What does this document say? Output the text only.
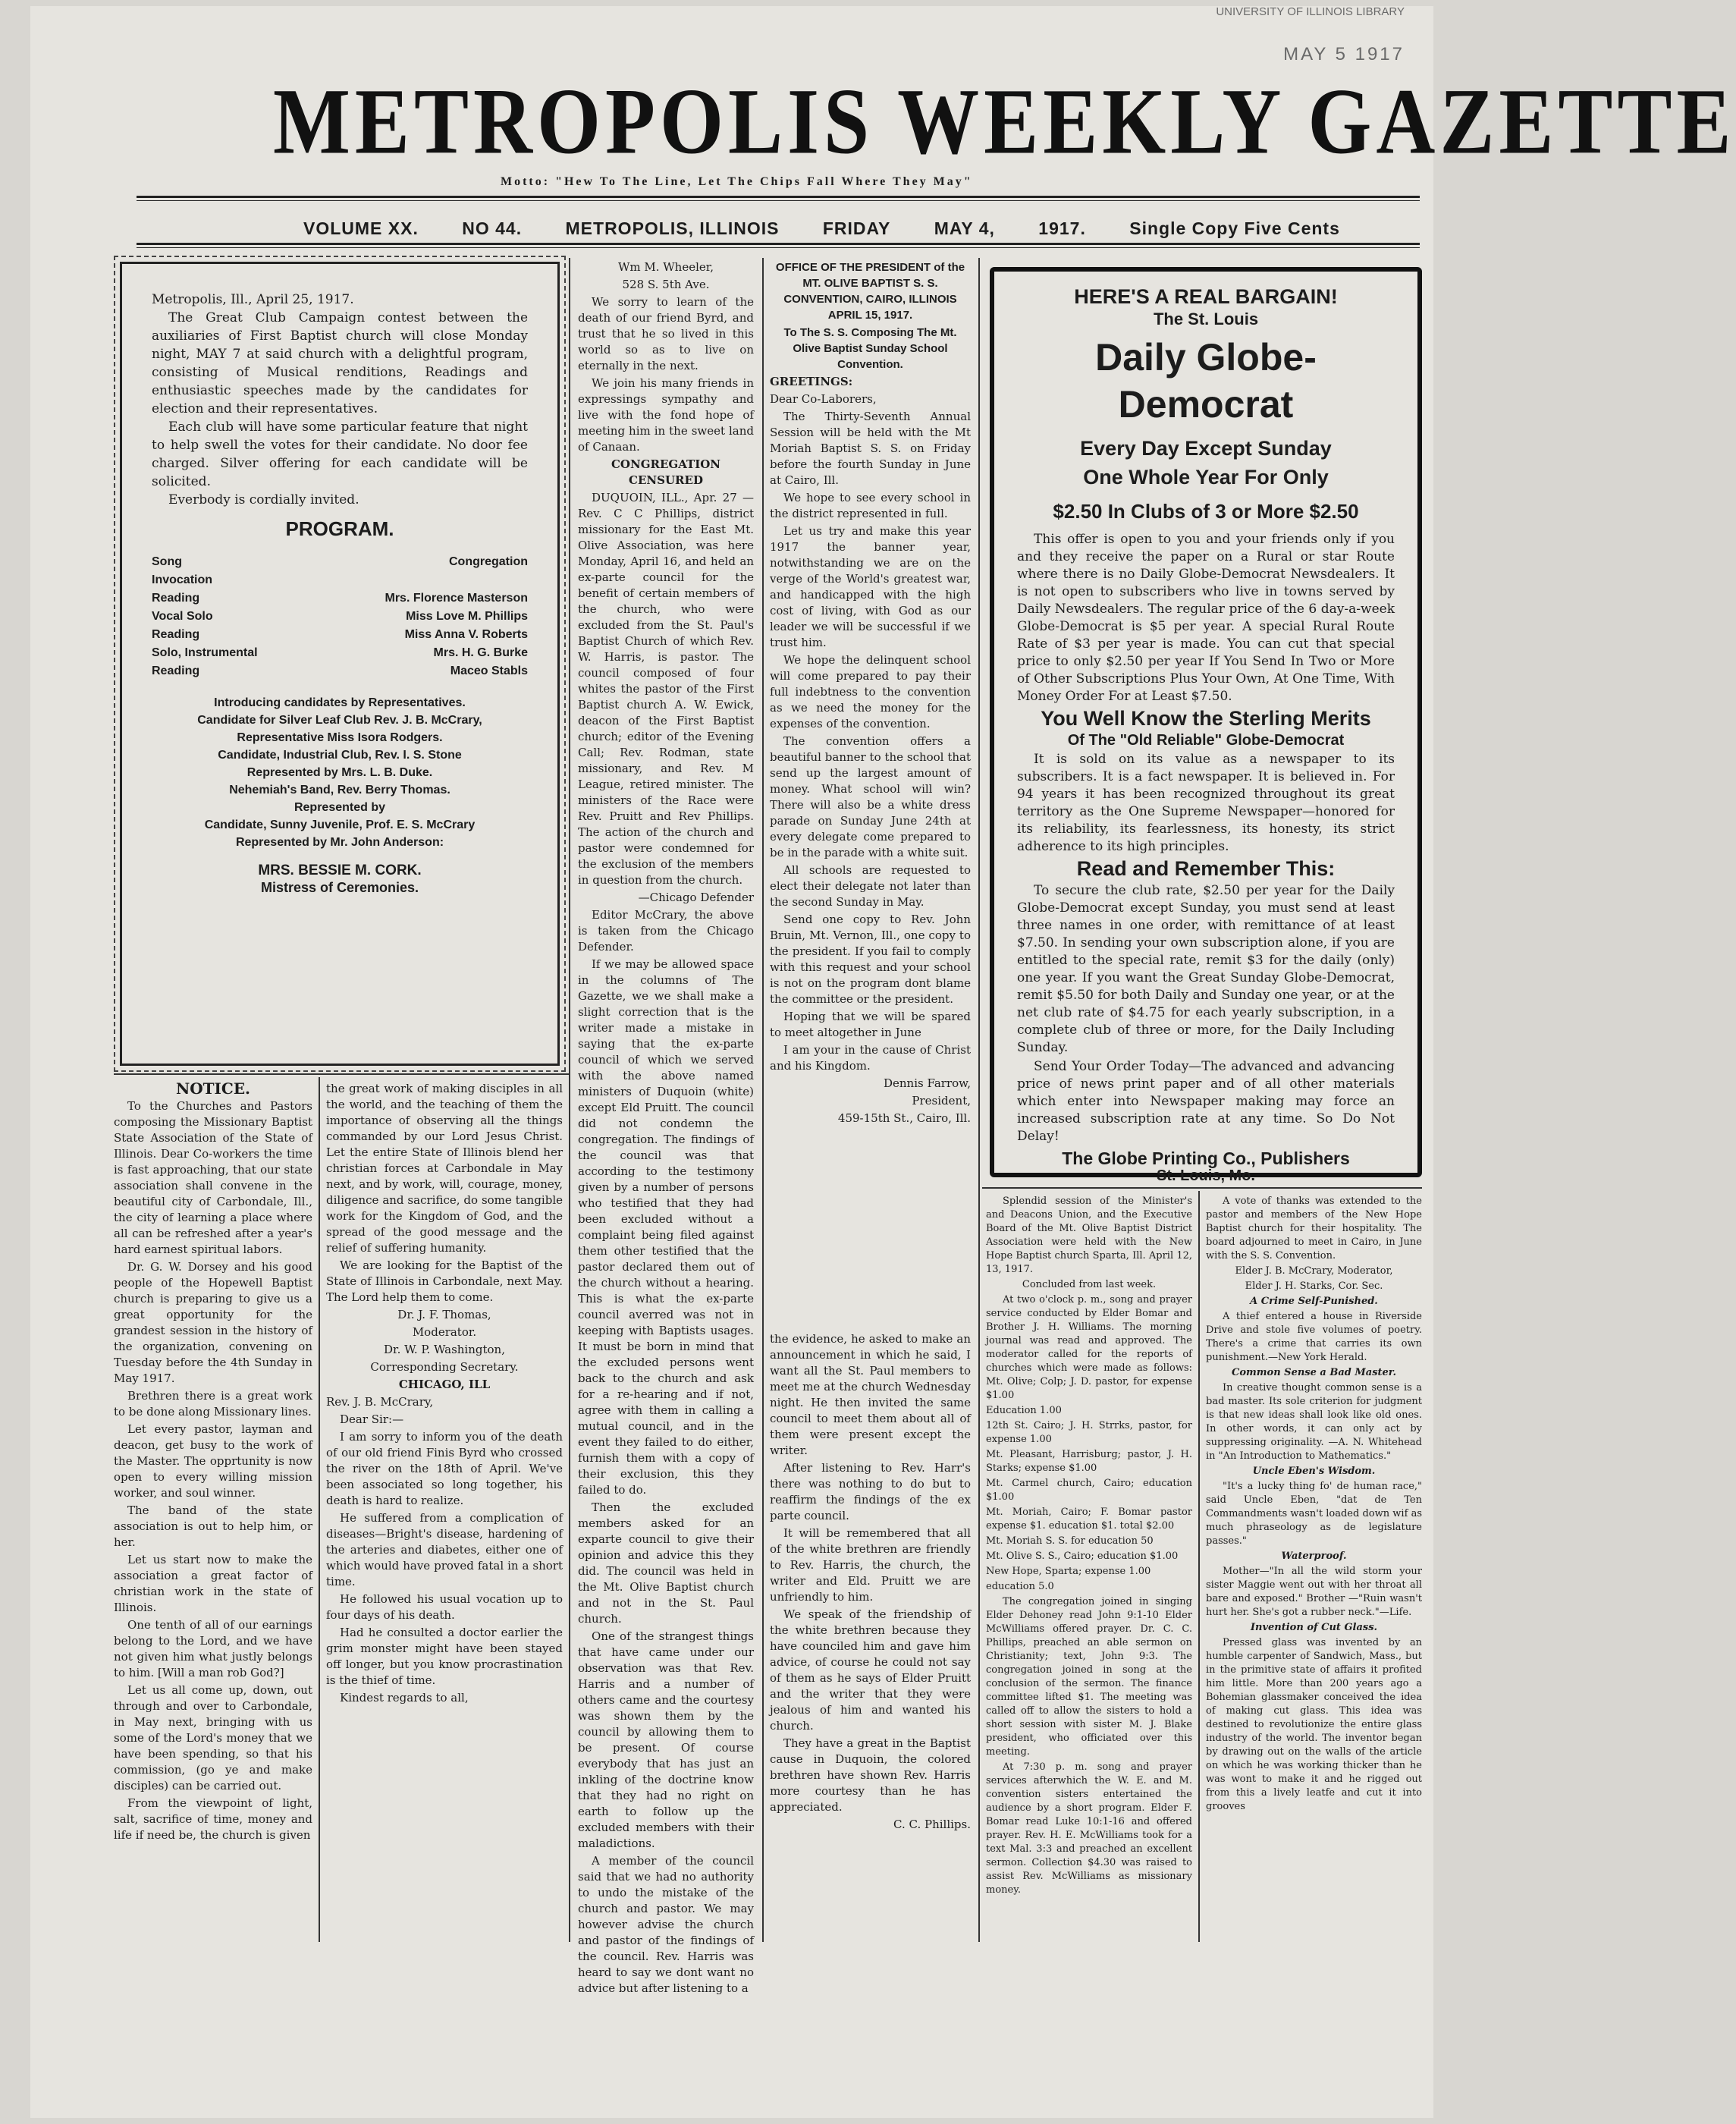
UNIVERSITY OF ILLINOIS LIBRARY
MAY 5 1917
METROPOLIS WEEKLY GAZETTE
Motto: "Hew To The Line, Let The Chips Fall Where They May"
VOLUME XX. NO 44. METROPOLIS, ILLINOIS FRIDAY MAY 4, 1917. Single Copy Five Cents

Metropolis, Ill., April 25, 1917.

The Great Club Campaign contest between the auxiliaries of First Baptist church will close Monday night, MAY 7 at said church with a delightful program, consisting of Musical renditions, Readings and enthusiastic speeches made by the candidates for election and their representatives.

Each club will have some particular feature that night to help swell the votes for their candidate. No door fee charged. Silver offering for each candidate will be solicited.

Everbody is cordially invited.

PROGRAM.
Song	Congregation
Invocation
Reading	Mrs. Florence Masterson
Vocal Solo	Miss Love M. Phillips
Reading	Miss Anna V. Roberts
Solo, Instrumental	Mrs. H. G. Burke
Reading	Maceo Stabls
Introducing candidates by Representatives.
Candidate for Silver Leaf Club Rev. J. B. McCrary,
Representative Miss Isora Rodgers.
Candidate, Industrial Club, Rev. I. S. Stone
Represented by Mrs. L. B. Duke.
Nehemiah's Band, Rev. Berry Thomas.
Represented by
Candidate, Sunny Juvenile, Prof. E. S. McCrary
Represented by Mr. John Anderson:
MRS. BESSIE M. CORK.
Mistress of Ceremonies.

Wm M. Wheeler,

528 S. 5th Ave.

We sorry to learn of the death of our friend Byrd, and trust that he so lived in this world so as to live on eternally in the next.

We join his many friends in expressings sympathy and live with the fond hope of meeting him in the sweet land of Canaan.

CONGREGATION CENSURED

DUQUOIN, ILL., Apr. 27 —Rev. C C Phillips, district missionary for the East Mt. Olive Association, was here Monday, April 16, and held an ex-parte council for the benefit of certain members of the church, who were excluded from the St. Paul's Baptist Church of which Rev. W. Harris, is pastor. The council composed of four whites the pastor of the First Baptist church A. W. Ewick, deacon of the First Baptist church; editor of the Evening Call; Rev. Rodman, state missionary, and Rev. M League, retired minister. The ministers of the Race were Rev. Pruitt and Rev Phillips. The action of the church and pastor were condemned for the exclusion of the members in question from the church.

—Chicago Defender

Editor McCrary, the above is taken from the Chicago Defender.

If we may be allowed space in the columns of The Gazette, we we shall make a slight correction that is the writer made a mistake in saying that the ex-parte council of which we served with the above named ministers of Duquoin (white) except Eld Pruitt. The council did not condemn the congregation. The findings of the council was that according to the testimony given by a number of persons who testified that they had been excluded without a complaint being filed against them other testified that the pastor declared them out of the church without a hearing. This is what the ex-parte council averred was not in keeping with Baptists usages. It must be born in mind that the excluded persons went back to the church and ask for a re-hearing and if not, agree with them in calling a mutual council, and in the event they failed to do either, furnish them with a copy of their exclusion, this they failed to do.

Then the excluded members asked for an exparte council to give their opinion and advice this they did. The council was held in the Mt. Olive Baptist church and not in the St. Paul church.

One of the strangest things that have came under our observation was that Rev. Harris and a number of others came and the courtesy was shown them by the council by allowing them to be present. Of course everybody that has just an inkling of the doctrine know that they had no right on earth to follow up the excluded members with their maladictions.

A member of the council said that we had no authority to undo the mistake of the church and pastor. We may however advise the church and pastor of the findings of the council. Rev. Harris was heard to say we dont want no advice but after listening to a

OFFICE OF THE PRESIDENT of the MT. OLIVE BAPTIST S. S. CONVENTION, CAIRO, ILLINOIS APRIL 15, 1917.

To The S. S. Composing The Mt. Olive Baptist Sunday School Convention.

GREETINGS:

Dear Co-Laborers,

The Thirty-Seventh Annual Session will be held with the Mt Moriah Baptist S. S. on Friday before the fourth Sunday in June at Cairo, Ill.

We hope to see every school in the district represented in full.

Let us try and make this year 1917 the banner year, notwithstanding we are on the verge of the World's greatest war, and handicapped with the high cost of living, with God as our leader we will be successful if we trust him.

We hope the delinquent school will come prepared to pay their full indebtness to the convention as we need the money for the expenses of the convention.

The convention offers a beautiful banner to the school that send up the largest amount of money. What school will win? There will also be a white dress parade on Sunday June 24th at every delegate come prepared to be in the parade with a white suit.

All schools are requested to elect their delegate not later than the second Sunday in May.

Send one copy to Rev. John Bruin, Mt. Vernon, Ill., one copy to the president. If you fail to comply with this request and your school is not on the program dont blame the committee or the president.

Hoping that we will be spared to meet altogether in June

I am your in the cause of Christ and his Kingdom.

Dennis Farrow,

President,

459-15th St., Cairo, Ill.

HERE'S A REAL BARGAIN!
The St. Louis
Daily Globe-Democrat
Every Day Except Sunday
One Whole Year For Only
$2.50 In Clubs of 3 or More $2.50

This offer is open to you and your friends only if you and they receive the paper on a Rural or star Route where there is no Daily Globe-Democrat Newsdealers. It is not open to subscribers who live in towns served by Daily Newsdealers. The regular price of the 6 day-a-week Globe-Democrat is $5 per year. A special Rural Route Rate of $3 per year is made. You can cut that special price to only $2.50 per year If You Send In Two or More of Other Subscriptions Plus Your Own, At One Time, With Money Order For at Least $7.50.

You Well Know the Sterling Merits
Of The "Old Reliable" Globe-Democrat

It is sold on its value as a newspaper to its subscribers. It is a fact newspaper. It is believed in. For 94 years it has been recognized throughout its great territory as the One Supreme Newspaper—honored for its reliability, its fearlessness, its honesty, its strict adherence to its high principles.

Read and Remember This:

To secure the club rate, $2.50 per year for the Daily Globe-Democrat except Sunday, you must send at least three names in one order, with remittance of at least $7.50. In sending your own subscription alone, if you are entitled to the special rate, remit $3 for the daily (only) one year. If you want the Great Sunday Globe-Democrat, remit $5.50 for both Daily and Sunday one year, or at the net club rate of $4.75 for each yearly subscription, in a complete club of three or more, for the Daily Including Sunday.

Send Your Order Today—The advanced and advancing price of news print paper and of all other materials which enter into Newspaper making may force an increased subscription rate at any time. So Do Not Delay!

The Globe Printing Co., Publishers
St. Louis, Mo.

NOTICE.

To the Churches and Pastors composing the Missionary Baptist State Association of the State of Illinois. Dear Co-workers the time is fast approaching, that our state association shall convene in the beautiful city of Carbondale, Ill., the city of learning a place where all can be refreshed after a year's hard earnest spiritual labors.

Dr. G. W. Dorsey and his good people of the Hopewell Baptist church is preparing to give us a great opportunity for the grandest session in the history of the organization, convening on Tuesday before the 4th Sunday in May 1917.

Brethren there is a great work to be done along Missionary lines.

Let every pastor, layman and deacon, get busy to the work of the Master. The opprtunity is now open to every willing mission worker, and soul winner.

The band of the state association is out to help him, or her.

Let us start now to make the association a great factor of christian work in the state of Illinois.

One tenth of all of our earnings belong to the Lord, and we have not given him what justly belongs to him. [Will a man rob God?]

Let us all come up, down, out through and over to Carbondale, in May next, bringing with us some of the Lord's money that we have been spending, so that his commission, (go ye and make disciples) can be carried out.

From the viewpoint of light, salt, sacrifice of time, money and life if need be, the church is given

the great work of making disciples in all the world, and the teaching of them the importance of observing all the things commanded by our Lord Jesus Christ. Let the entire State of Illinois blend her christian forces at Carbondale in May next, and by work, will, courage, money, diligence and sacrifice, do some tangible work for the Kingdom of God, and the spread of the good message and the relief of suffering humanity.

We are looking for the Baptist of the State of Illinois in Carbondale, next May. The Lord help them to come.

Dr. J. F. Thomas,

Moderator.

Dr. W. P. Washington,

Corresponding Secretary.

CHICAGO, ILL

Rev. J. B. McCrary,

Dear Sir:—

I am sorry to inform you of the death of our old friend Finis Byrd who crossed the river on the 18th of April. We've been associated so long together, his death is hard to realize.

He suffered from a complication of diseases—Bright's disease, hardening of the arteries and diabetes, either one of which would have proved fatal in a short time.

He followed his usual vocation up to four days of his death.

Had he consulted a doctor earlier the grim monster might have been stayed off longer, but you know procrastination is the thief of time.

Kindest regards to all,

the evidence, he asked to make an announcement in which he said, I want all the St. Paul members to meet me at the church Wednesday night. He then invited the same council to meet them about all of them were present except the writer.

After listening to Rev. Harr's there was nothing to do but to reaffirm the findings of the ex parte council.

It will be remembered that all of the white brethren are friendly to Rev. Harris, the church, the writer and Eld. Pruitt we are unfriendly to him.

We speak of the friendship of the white brethren because they have counciled him and gave him advice, of course he could not say of them as he says of Elder Pruitt and the writer that they were jealous of him and wanted his church.

They have a great in the Baptist cause in Duquoin, the colored brethren have shown Rev. Harris more courtesy than he has appreciated.

C. C. Phillips.

Splendid session of the Minister's and Deacons Union, and the Executive Board of the Mt. Olive Baptist District Association were held with the New Hope Baptist church Sparta, Ill. April 12, 13, 1917.

Concluded from last week.

At two o'clock p. m., song and prayer service conducted by Elder Bomar and Brother J. H. Williams. The morning journal was read and approved. The moderator called for the reports of churches which were made as follows: Mt. Olive; Colp; J. D. pastor, for expense $1.00

Education 1.00

12th St. Cairo; J. H. Strrks, pastor, for expense 1.00

Mt. Pleasant, Harrisburg; pastor, J. H. Starks; expense $1.00

Mt. Carmel church, Cairo; education $1.00

Mt. Moriah, Cairo; F. Bomar pastor expense $1. education $1. total $2.00

Mt. Moriah S. S. for education 50

Mt. Olive S. S., Cairo; education $1.00

New Hope, Sparta; expense 1.00

education 5.0

The congregation joined in singing Elder Dehoney read John 9:1-10 Elder McWilliams offered prayer. Dr. C. C. Phillips, preached an able sermon on Christianity; text, John 9:3. The congregation joined in song at the conclusion of the sermon. The finance committee lifted $1. The meeting was called off to allow the sisters to hold a short session with sister M. J. Blake president, who officiated over this meeting.

At 7:30 p. m. song and prayer services afterwhich the W. E. and M. convention sisters entertained the audience by a short program. Elder F. Bomar read Luke 10:1-16 and offered prayer. Rev. H. E. McWilliams took for a text Mal. 3:3 and preached an excellent sermon. Collection $4.30 was raised to assist Rev. McWilliams as missionary money.

A vote of thanks was extended to the pastor and members of the New Hope Baptist church for their hospitality. The board adjourned to meet in Cairo, in June with the S. S. Convention.

Elder J. B. McCrary, Moderator,

Elder J. H. Starks, Cor. Sec.

A Crime Self-Punished.

A thief entered a house in Riverside Drive and stole five volumes of poetry. There's a crime that carries its own punishment.—New York Herald.

Common Sense a Bad Master.

In creative thought common sense is a bad master. Its sole criterion for judgment is that new ideas shall look like old ones. In other words, it can only act by suppressing originality. —A. N. Whitehead in "An Introduction to Mathematics."

Uncle Eben's Wisdom.

"It's a lucky thing fo' de human race," said Uncle Eben, "dat de Ten Commandments wasn't loaded down wif as much phraseology as de legislature passes."

Waterproof.

Mother—"In all the wild storm your sister Maggie went out with her throat all bare and exposed." Brother —"Ruin wasn't hurt her. She's got a rubber neck."—Life.

Invention of Cut Glass.

Pressed glass was invented by an humble carpenter of Sandwich, Mass., but in the primitive state of affairs it profited him little. More than 200 years ago a Bohemian glassmaker conceived the idea of making cut glass. This idea was destined to revolutionize the entire glass industry of the world. The inventor began by drawing out on the walls of the article on which he was working thicker than he was wont to make it and he rigged out from this a lively leatfe and cut it into grooves
